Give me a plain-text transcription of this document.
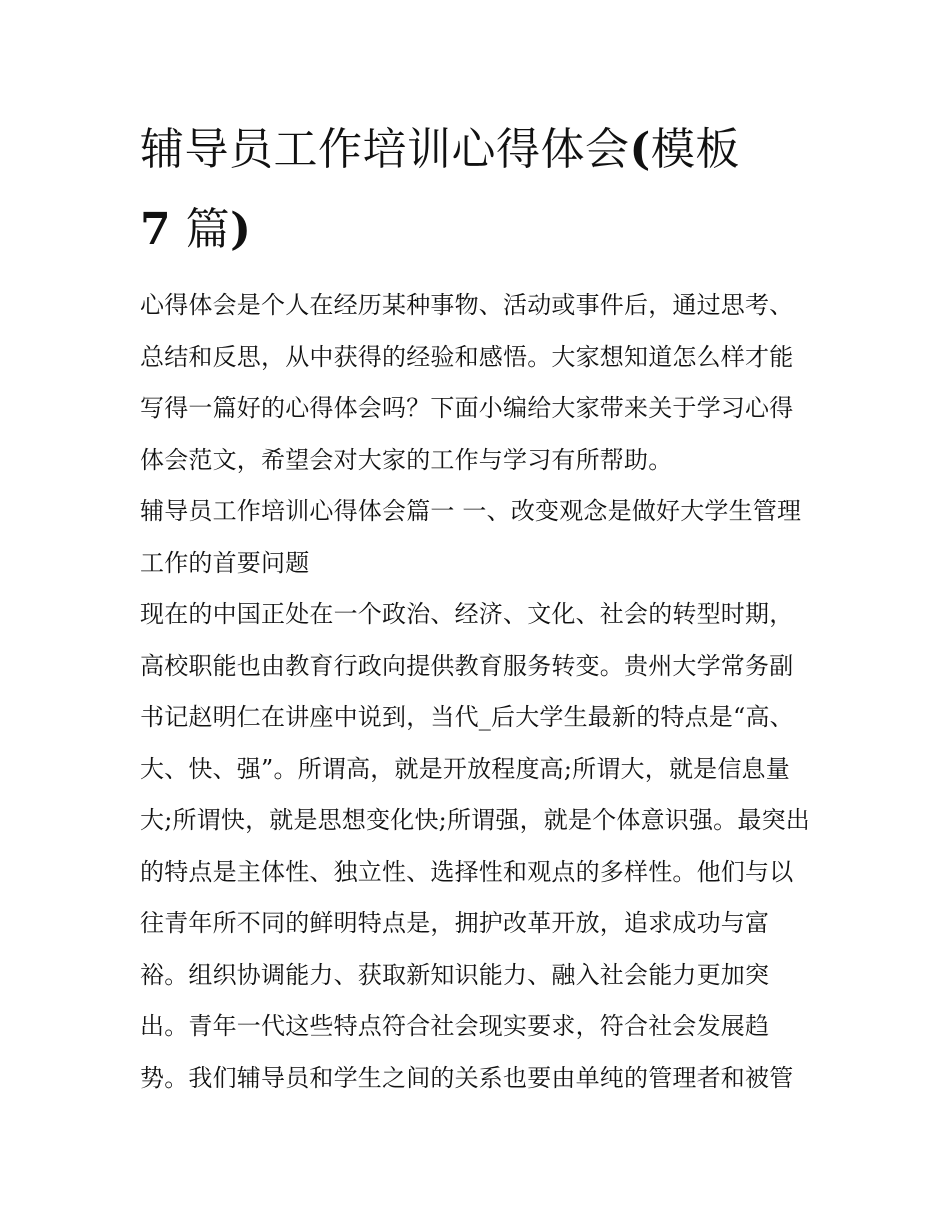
辅导员工作培训心得体会(模板
7 篇)

心得体会是个人在经历某种事物、活动或事件后，通过思考、总结和反思，从中获得的经验和感悟。大家想知道怎么样才能写得一篇好的心得体会吗？下面小编给大家带来关于学习心得体会范文，希望会对大家的工作与学习有所帮助。

辅导员工作培训心得体会篇一 一、改变观念是做好大学生管理工作的首要问题

现在的中国正处在一个政治、经济、文化、社会的转型时期，高校职能也由教育行政向提供教育服务转变。贵州大学常务副书记赵明仁在讲座中说到，当代_后大学生最新的特点是“高、大、快、强”。所谓高，就是开放程度高;所谓大，就是信息量大;所谓快，就是思想变化快;所谓强，就是个体意识强。最突出的特点是主体性、独立性、选择性和观点的多样性。他们与以往青年所不同的鲜明特点是，拥护改革开放，追求成功与富裕。组织协调能力、获取新知识能力、融入社会能力更加突出。青年一代这些特点符合社会现实要求，符合社会发展趋势。我们辅导员和学生之间的关系也要由单纯的管理者和被管
